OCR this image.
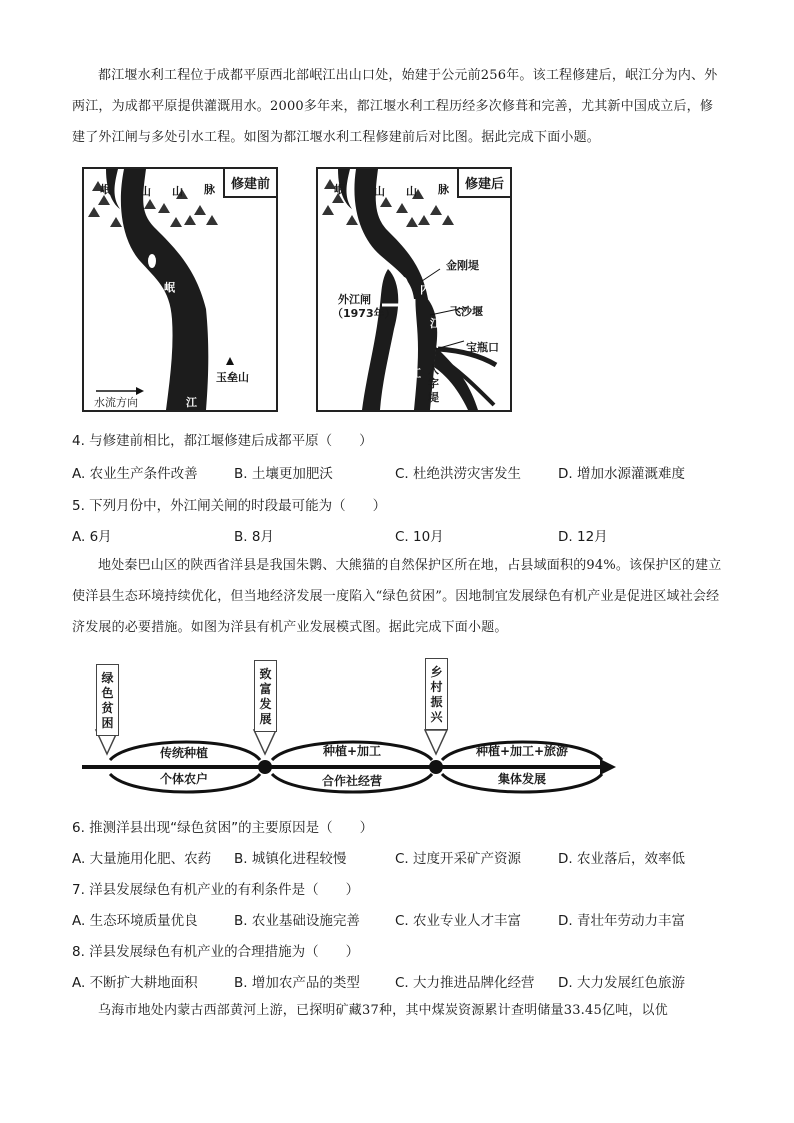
都江堰水利工程位于成都平原西北部岷江出山口处，始建于公元前256年。该工程修建后，岷江分为内、外两江，为成都平原提供灌溉用水。2000多年来，都江堰水利工程历经多次修葺和完善，尤其新中国成立后，修建了外江闸与多处引水工程。如图为都江堰水利工程修建前后对比图。据此完成下面小题。
修建前
岷	山 山 脉
岷
江
玉垒山
水流方向
修建后
岷	山 山 脉
金刚堤
外江闸
（1973年）
外 内
江
飞沙堰
宝瓶口
江 人
字
堤
4. 与修建前相比，都江堰修建后成都平原（　　）
A. 农业生产条件改善	B. 土壤更加肥沃	C. 杜绝洪涝灾害发生	D. 增加水源灌溉难度
5. 下列月份中，外江闸关闸的时段最可能为（　　）
A. 6月	B. 8月	C. 10月	D. 12月
地处秦巴山区的陕西省洋县是我国朱鹮、大熊猫的自然保护区所在地，占县域面积的94%。该保护区的建立使洋县生态环境持续优化，但当地经济发展一度陷入“绿色贫困”。因地制宜发展绿色有机产业是促进区域社会经济发展的必要措施。如图为洋县有机产业发展模式图。据此完成下面小题。
绿色贫困
致富发展
乡村振兴
传统种植
个体农户
种植+加工
合作社经营
种植+加工+旅游
集体发展
6. 推测洋县出现“绿色贫困”的主要原因是（　　）
A. 大量施用化肥、农药 B. 城镇化进程较慢	C. 过度开采矿产资源	D. 农业落后，效率低
7. 洋县发展绿色有机产业的有利条件是（　　）
A. 生态环境质量优良	B. 农业基础设施完善	C. 农业专业人才丰富	D. 青壮年劳动力丰富
8. 洋县发展绿色有机产业的合理措施为（　　）
A. 不断扩大耕地面积	B. 增加农产品的类型	C. 大力推进品牌化经营 D. 大力发展红色旅游
乌海市地处内蒙古西部黄河上游，已探明矿藏37种，其中煤炭资源累计查明储量33.45亿吨，以优
